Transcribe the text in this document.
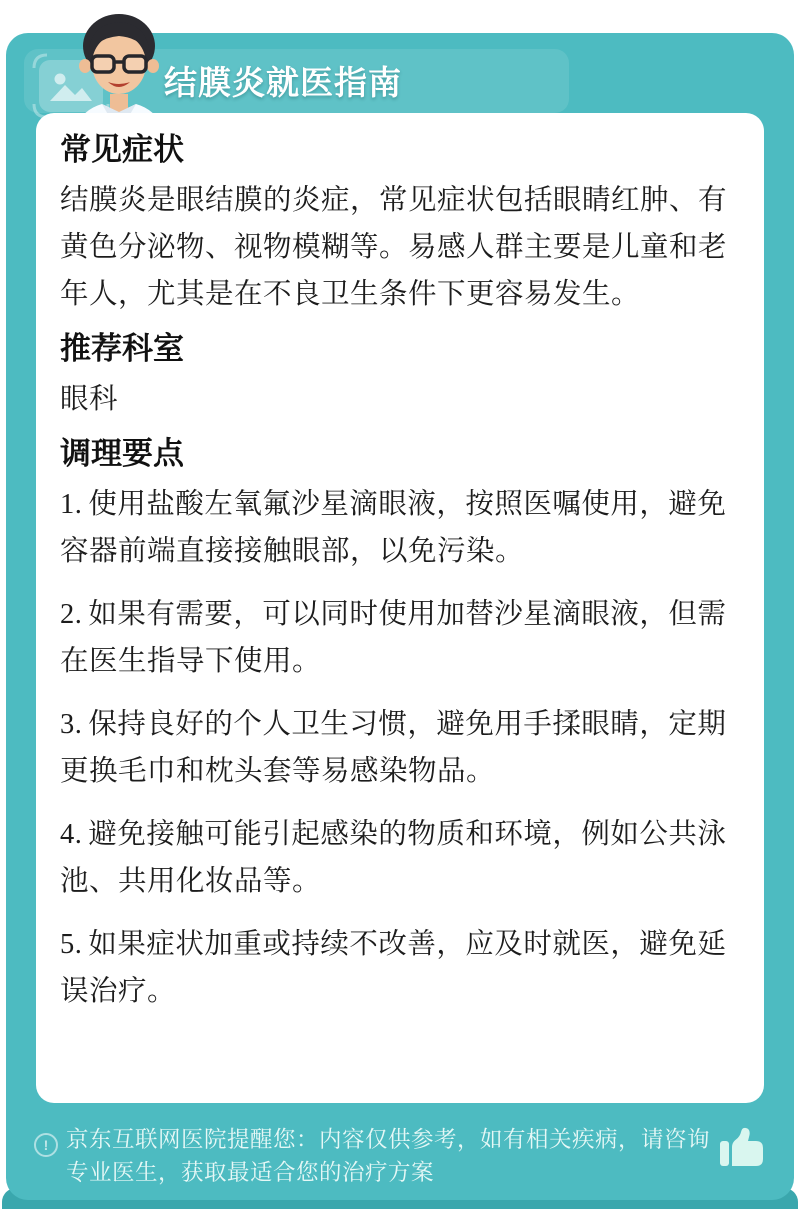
结膜炎就医指南
常见症状

结膜炎是眼结膜的炎症，常见症状包括眼睛红肿、有黄色分泌物、视物模糊等。易感人群主要是儿童和老年人，尤其是在不良卫生条件下更容易发生。

推荐科室

眼科

调理要点

1. 使用盐酸左氧氟沙星滴眼液，按照医嘱使用，避免容器前端直接接触眼部，以免污染。

2. 如果有需要，可以同时使用加替沙星滴眼液，但需在医生指导下使用。

3. 保持良好的个人卫生习惯，避免用手揉眼睛，定期更换毛巾和枕头套等易感染物品。

4. 避免接触可能引起感染的物质和环境，例如公共泳池、共用化妆品等。

5. 如果症状加重或持续不改善，应及时就医，避免延误治疗。

! 京东互联网医院提醒您：内容仅供参考，如有相关疾病，请咨询专业医生，获取最适合您的治疗方案
